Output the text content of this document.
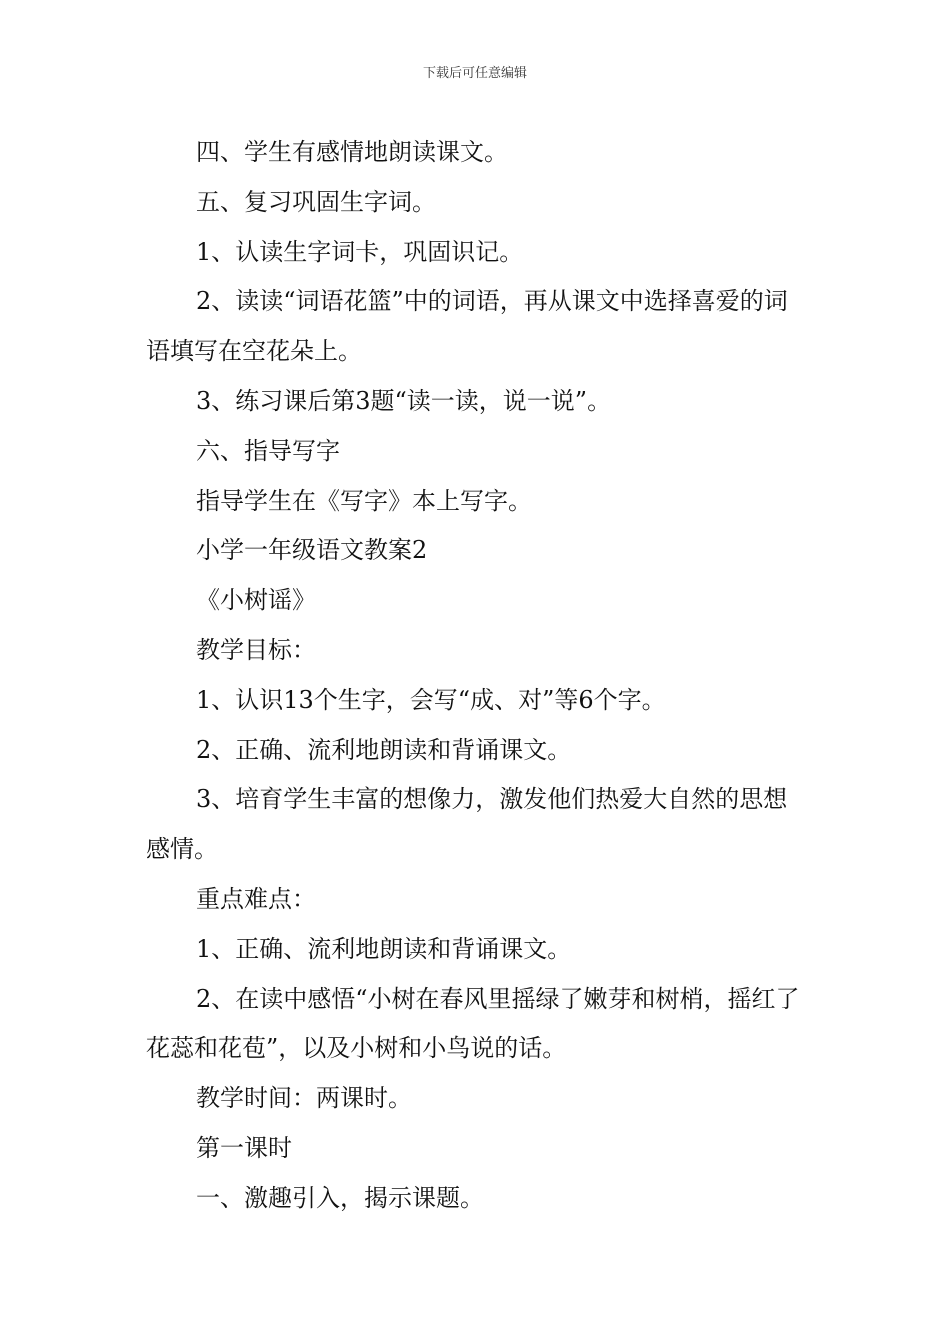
下载后可任意编辑

四、学生有感情地朗读课文。

五、复习巩固生字词。

1、认读生字词卡，巩固识记。

2、读读“词语花篮”中的词语，再从课文中选择喜爱的词语填写在空花朵上。

3、练习课后第3题“读一读，说一说”。

六、指导写字

指导学生在《写字》本上写字。

小学一年级语文教案2

《小树谣》

教学目标：

1、认识13个生字，会写“成、对”等6个字。

2、正确、流利地朗读和背诵课文。

3、培育学生丰富的想像力，激发他们热爱大自然的思想感情。

重点难点：

1、正确、流利地朗读和背诵课文。

2、在读中感悟“小树在春风里摇绿了嫩芽和树梢，摇红了花蕊和花苞”，以及小树和小鸟说的话。

教学时间：两课时。

第一课时

一、激趣引入，揭示课题。
